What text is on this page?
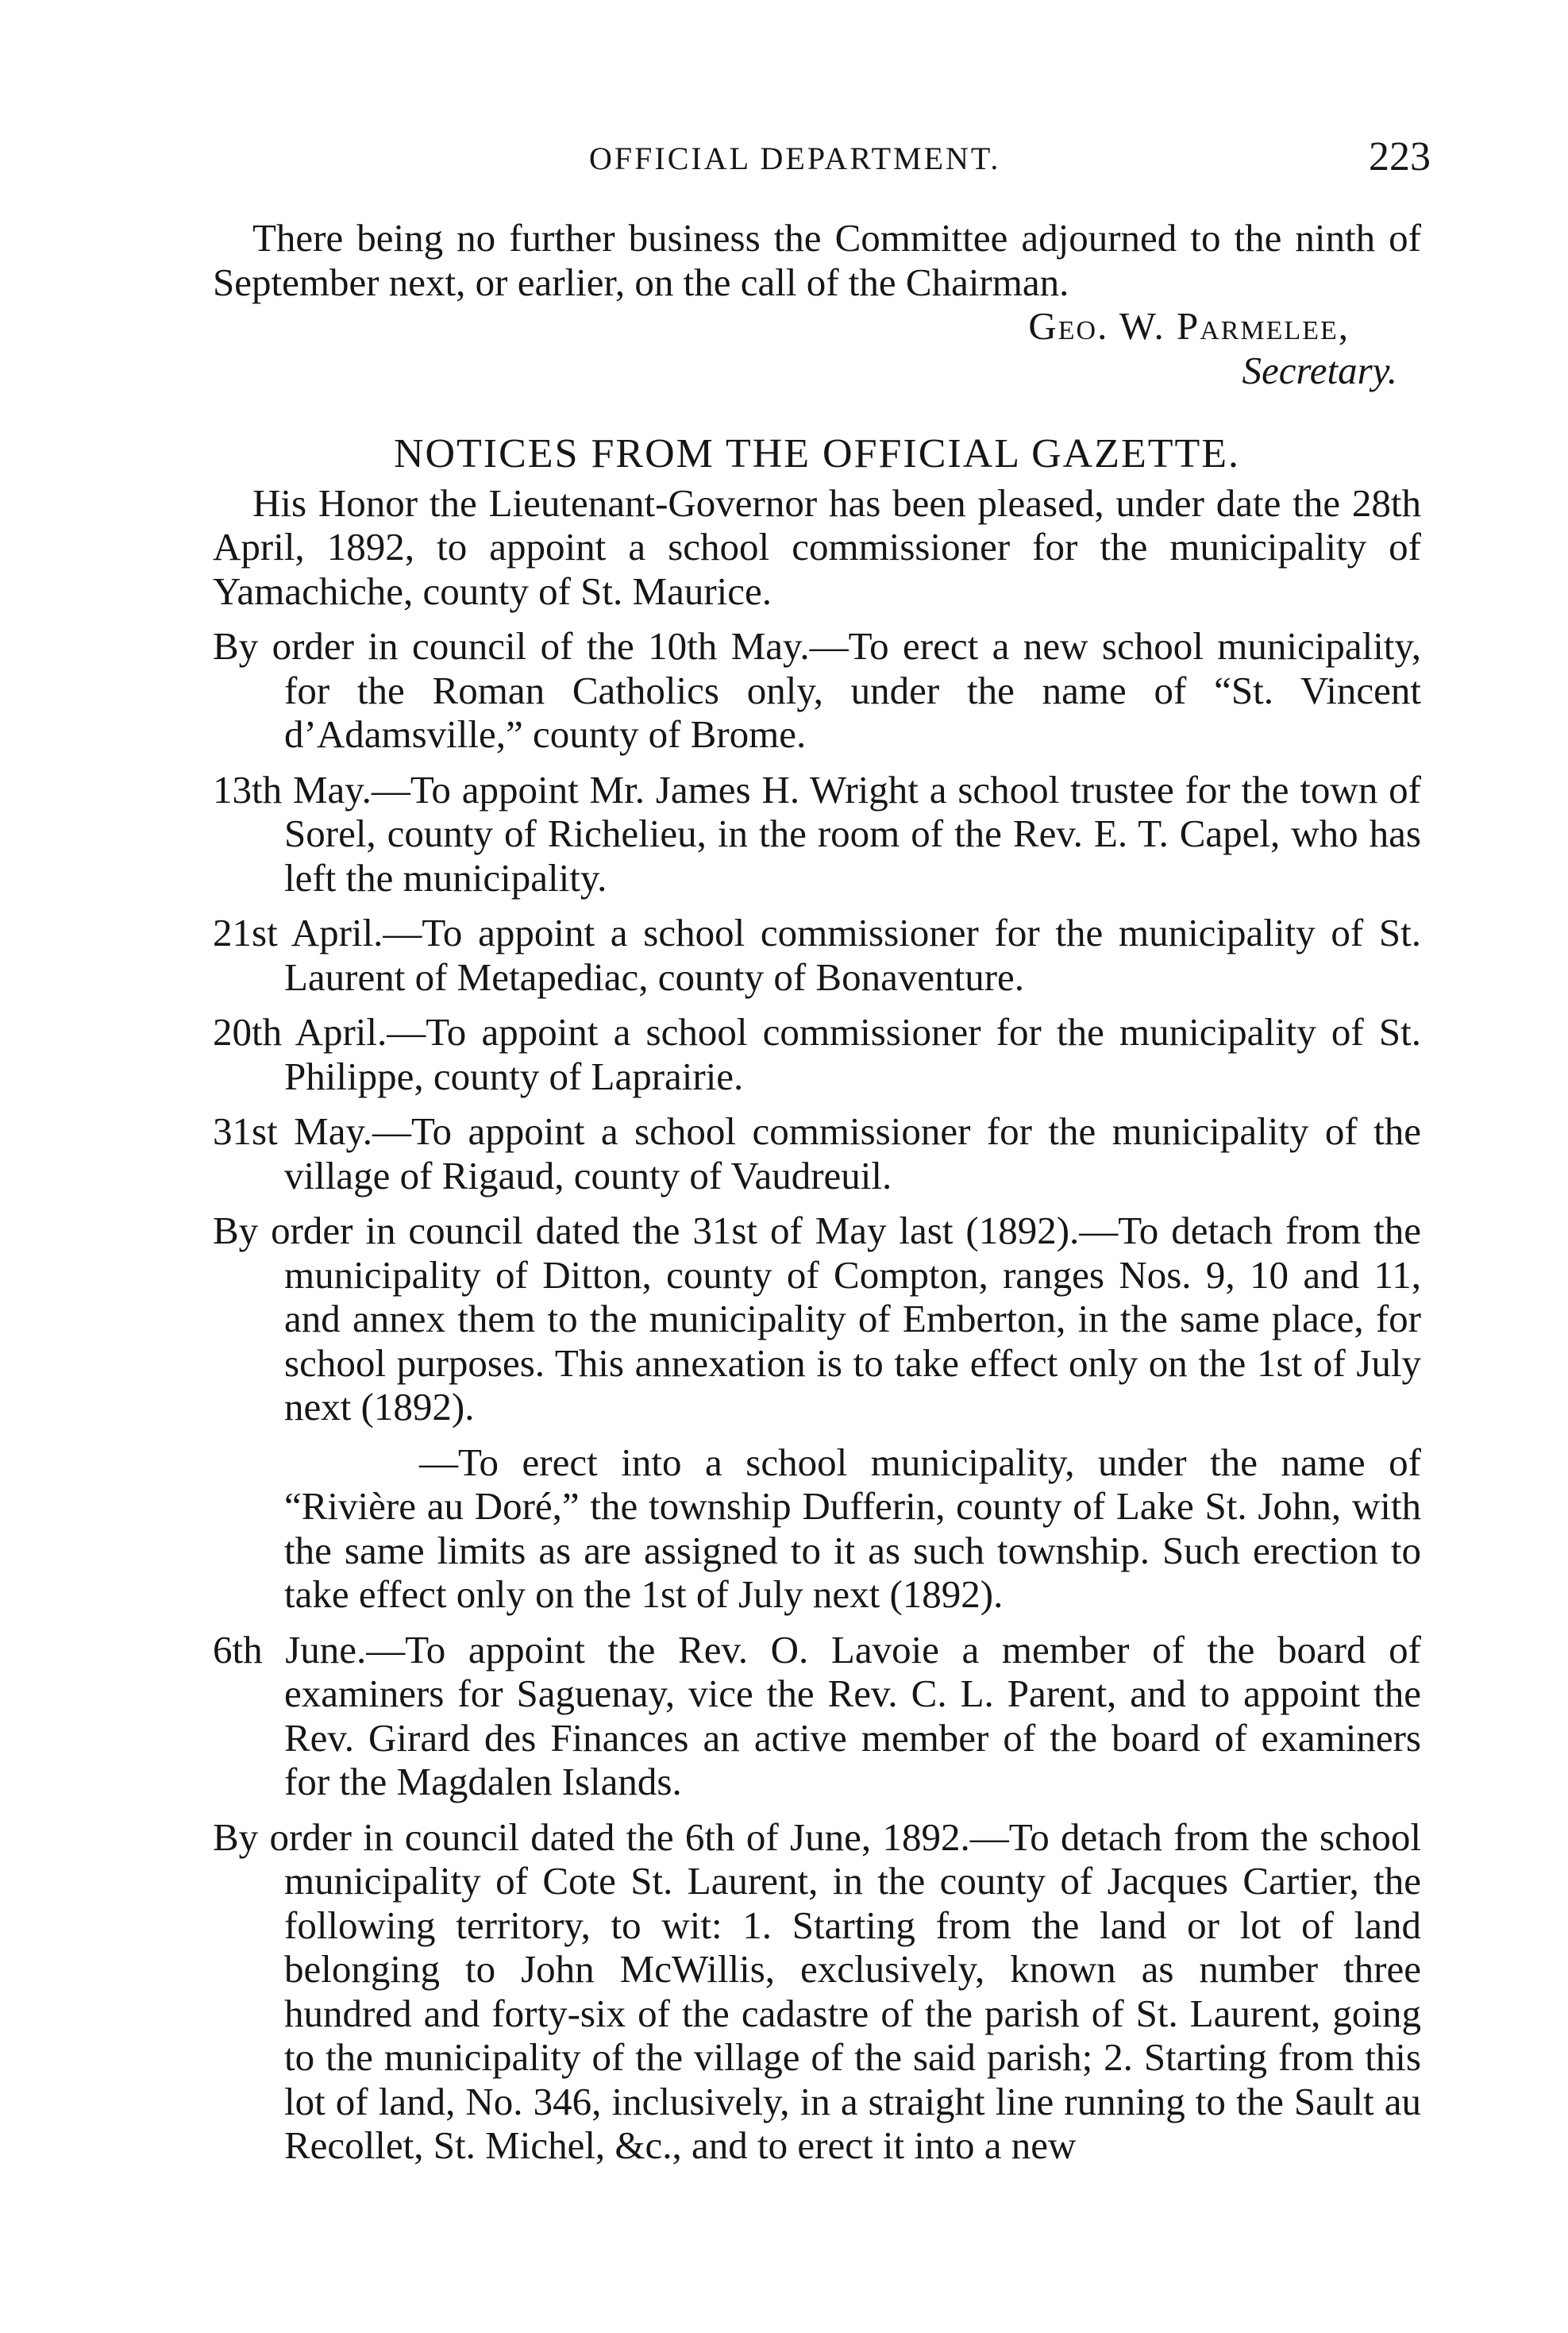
OFFICIAL DEPARTMENT.	223

There being no further business the Committee adjourned to the ninth of September next, or earlier, on the call of the Chairman.

Geo. W. Parmelee,

Secretary.

NOTICES FROM THE OFFICIAL GAZETTE.

His Honor the Lieutenant-Governor has been pleased, under date the 28th April, 1892, to appoint a school commissioner for the municipality of Yamachiche, county of St. Maurice.

By order in council of the 10th May.—To erect a new school municipality, for the Roman Catholics only, under the name of “St. Vincent d’Adamsville,” county of Brome.

13th May.—To appoint Mr. James H. Wright a school trustee for the town of Sorel, county of Richelieu, in the room of the Rev. E. T. Capel, who has left the municipality.

21st April.—To appoint a school commissioner for the municipality of St. Laurent of Metapediac, county of Bonaventure.

20th April.—To appoint a school commissioner for the municipality of St. Philippe, county of Laprairie.

31st May.—To appoint a school commissioner for the municipality of the village of Rigaud, county of Vaudreuil.

By order in council dated the 31st of May last (1892).—To detach from the municipality of Ditton, county of Compton, ranges Nos. 9, 10 and 11, and annex them to the municipality of Emberton, in the same place, for school purposes. This annexation is to take effect only on the 1st of July next (1892).

—To erect into a school municipality, under the name of “Rivière au Doré,” the township Dufferin, county of Lake St. John, with the same limits as are assigned to it as such township. Such erection to take effect only on the 1st of July next (1892).

6th June.—To appoint the Rev. O. Lavoie a member of the board of examiners for Saguenay, vice the Rev. C. L. Parent, and to appoint the Rev. Girard des Finances an active member of the board of examiners for the Magdalen Islands.

By order in council dated the 6th of June, 1892.—To detach from the school municipality of Cote St. Laurent, in the county of Jacques Cartier, the following territory, to wit: 1. Starting from the land or lot of land belonging to John McWillis, exclusively, known as number three hundred and forty-six of the cadastre of the parish of St. Laurent, going to the municipality of the village of the said parish; 2. Starting from this lot of land, No. 346, inclusively, in a straight line running to the Sault au Recollet, St. Michel, &c., and to erect it into a new
